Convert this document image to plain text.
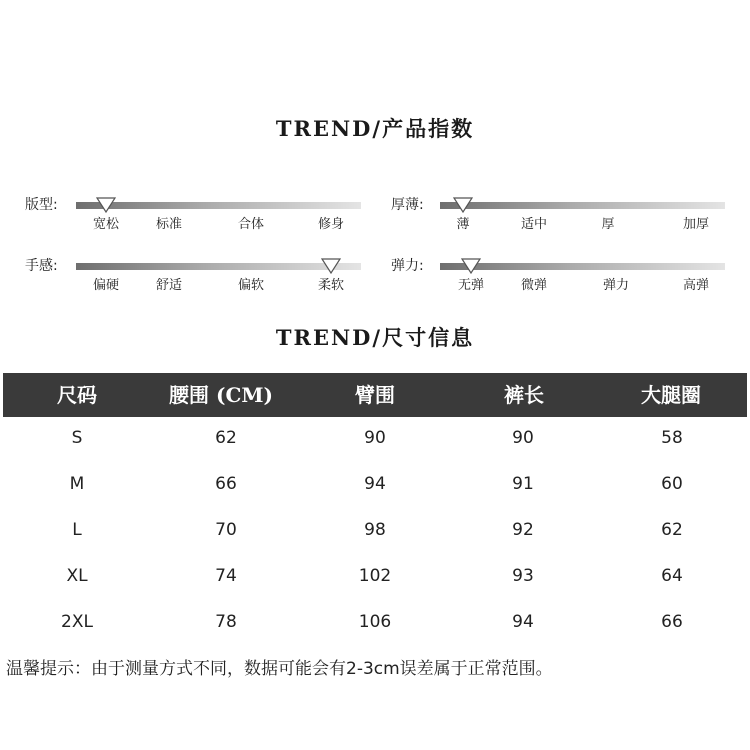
TREND/产品指数
版型:
宽松	标准	合体	修身
厚薄:
薄	适中	厚	加厚
手感:
偏硬	舒适	偏软	柔软
弹力:
无弹	微弹	弹力	高弹
TREND/尺寸信息
尺码	腰围 (CM)	臂围	裤长	大腿圈
S	62	90	90	58
M	66	94	91	60
L	70	98	92	62
XL	74	102	93	64
2XL	78	106	94	66
温馨提示：由于测量方式不同，数据可能会有2-3cm误差属于正常范围。
